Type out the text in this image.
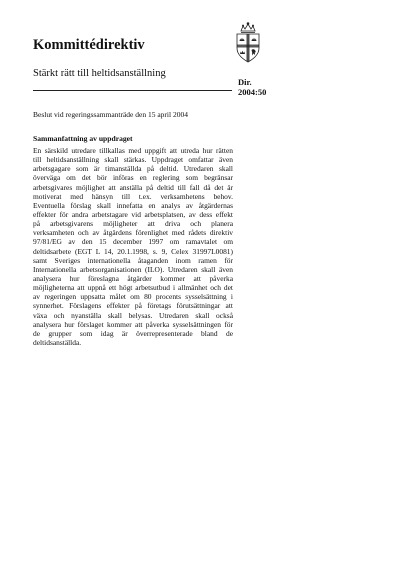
Kommittédirektiv
Stärkt rätt till heltidsanställning
Dir.
2004:50
Beslut vid regeringssammanträde den 15 april 2004
Sammanfattning av uppdraget
En särskild utredare tillkallas med uppgift att utreda hur rätten
till heltidsanställning skall stärkas. Uppdraget omfattar även
arbetsgagare som är timanställda på deltid. Utredaren skall
överväga om det bör införas en reglering som begränsar
arbetsgivares möjlighet att anställa på deltid till fall då det är
motiverat med hänsyn till t.ex. verksamhetens behov.
Eventuella förslag skall innefatta en analys av åtgärdernas
effekter för andra arbetstagare vid arbetsplatsen, av dess effekt
på arbetsgivarens möjligheter att driva och planera
verksamheten och av åtgärdens förenlighet med rådets direktiv
97/81/EG av den 15 december 1997 om ramavtalet om
deltidsarbete (EGT L 14, 20.1.1998, s. 9, Celex 31997L0081)
samt Sveriges internationella åtaganden inom ramen för
Internationella arbetsorganisationen (ILO). Utredaren skall även
analysera hur föreslagna åtgärder kommer att påverka
möjligheterna att uppnå ett högt arbetsutbud i allmänhet och det
av regeringen uppsatta målet om 80 procents sysselsättning i
synnerhet. Förslagens effekter på företags förutsättningar att
växa och nyanställa skall belysas. Utredaren skall också
analysera hur förslaget kommer att påverka sysselsättningen för
de grupper som idag är överrepresenterade bland de
deltidsanställda.
